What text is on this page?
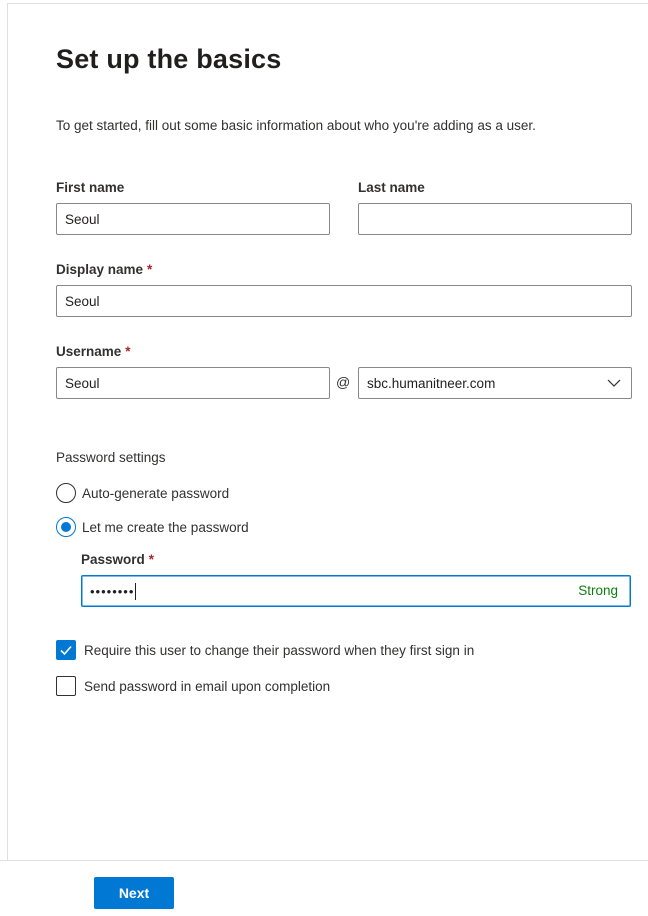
Set up the basics

To get started, fill out some basic information about who you're adding as a user.

First name
Seoul
Last name
Display name *
Seoul
Username *
Seoul	@ sbc.humanitneer.com
Password settings
Auto-generate password
Let me create the password
Password *
••••••••	Strong
Require this user to change their password when they first sign in
Send password in email upon completion
Next
